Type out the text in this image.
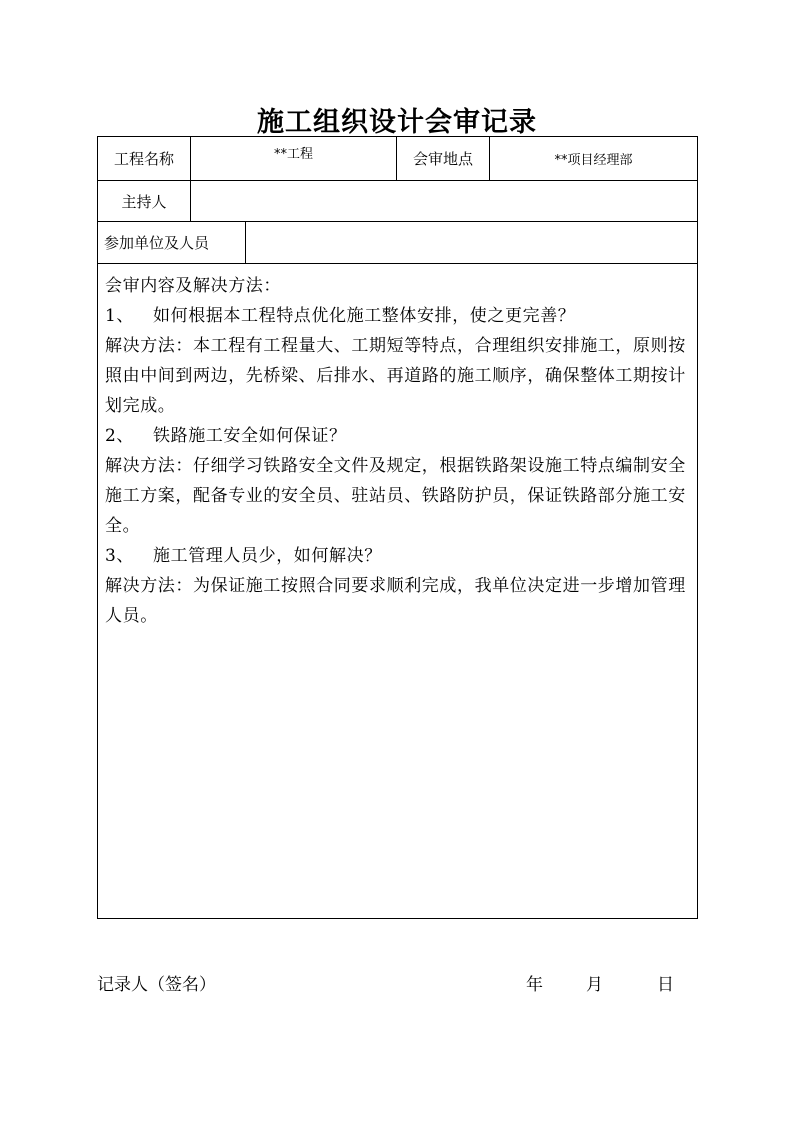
施工组织设计会审记录
工程名称	**工程	会审地点	**项目经理部
主持人
参加单位及人员

会审内容及解决方法：

1、 如何根据本工程特点优化施工整体安排，使之更完善？

解决方法：本工程有工程量大、工期短等特点，合理组织安排施工，原则按照由中间到两边，先桥梁、后排水、再道路的施工顺序，确保整体工期按计划完成。

2、 铁路施工安全如何保证？

解决方法：仔细学习铁路安全文件及规定，根据铁路架设施工特点编制安全施工方案，配备专业的安全员、驻站员、铁路防护员，保证铁路部分施工安全。

3、 施工管理人员少，如何解决？

解决方法：为保证施工按照合同要求顺利完成，我单位决定进一步增加管理人员。

记录人（签名）	年	月	日
